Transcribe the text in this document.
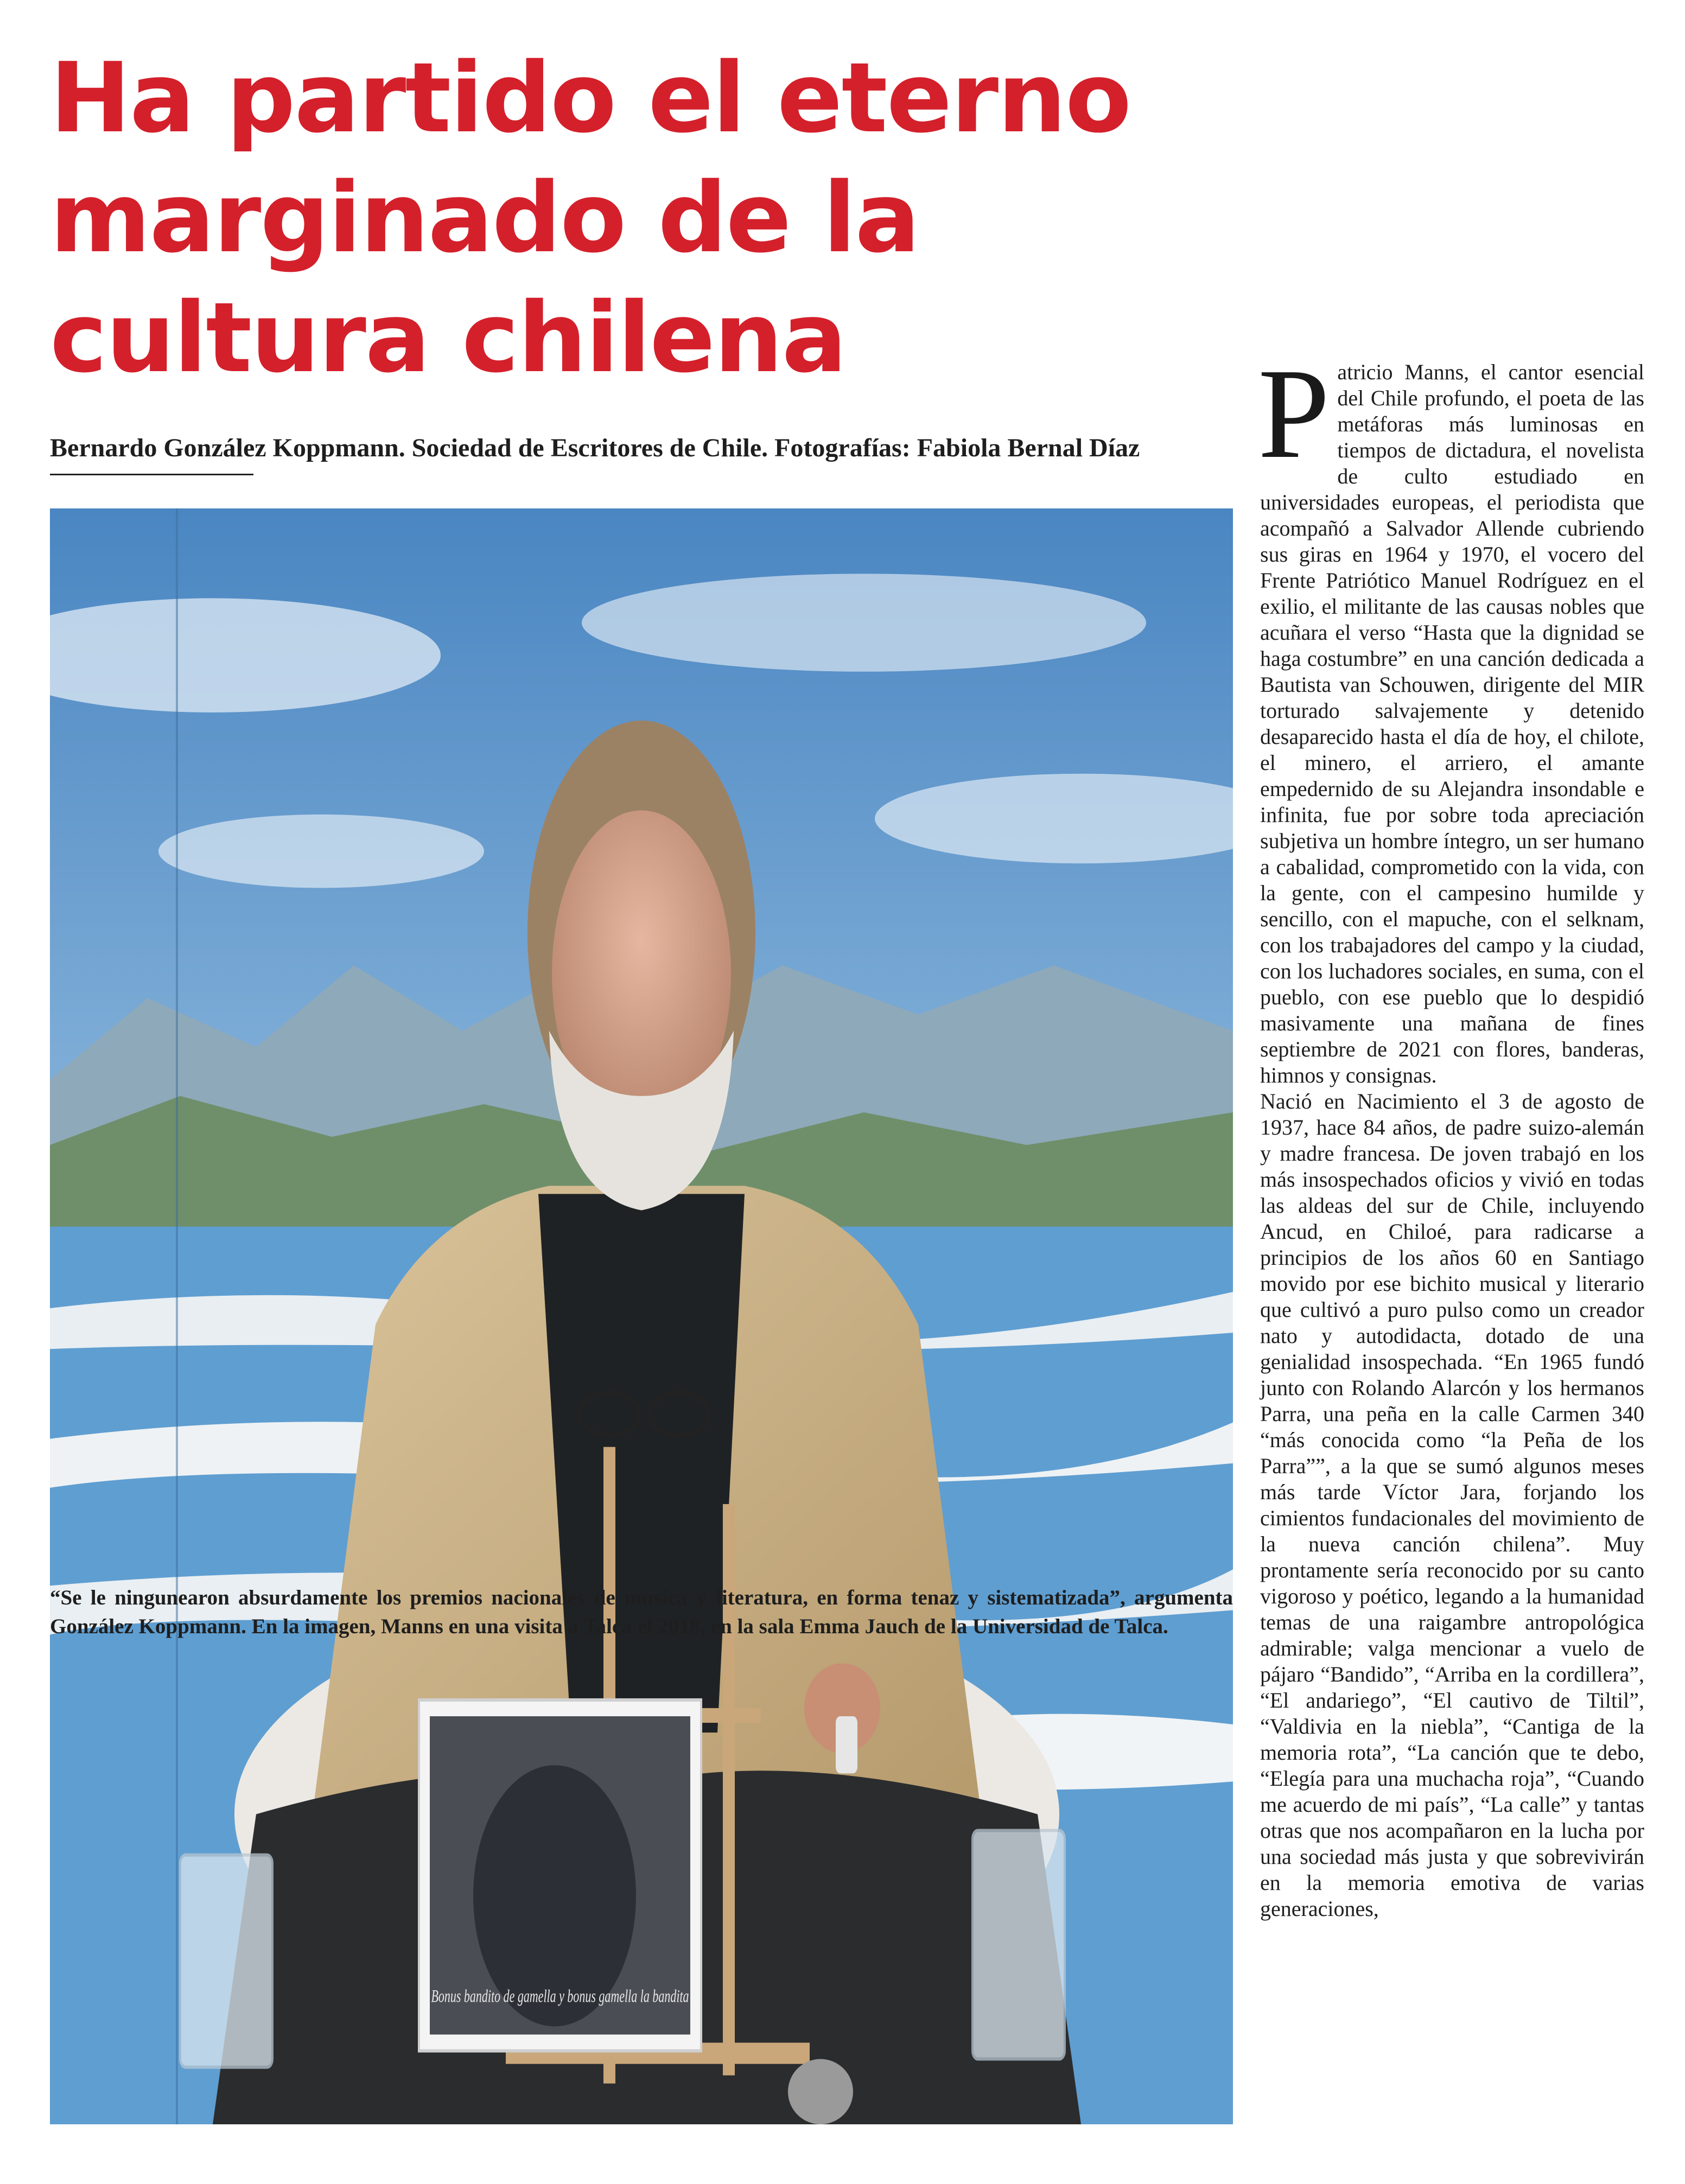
Ha partido el eterno marginado de la cultura chilena
Bernardo González Koppmann. Sociedad de Escritores de Chile. Fotografías: Fabiola Bernal Díaz
Bonus bandito de gamella y bonus gamella la bandita
“Se le ningunearon absurdamente los premios nacionales de música y literatura, en forma tenaz y sistematizada”, argumenta González Koppmann. En la imagen, Manns en una visita a Talca el 2018, en la sala Emma Jauch de la Universidad de Talca.

Patricio Manns, el cantor esencial del Chile profundo, el poeta de las metáforas más luminosas en tiempos de dictadura, el novelista de culto estudiado en universidades europeas, el periodista que acompañó a Salvador Allende cubriendo sus giras en 1964 y 1970, el vocero del Frente Patriótico Manuel Rodríguez en el exilio, el militante de las causas nobles que acuñara el verso “Hasta que la dignidad se haga costumbre” en una canción dedicada a Bautista van Schouwen, dirigente del MIR torturado salvajemente y detenido desaparecido hasta el día de hoy, el chilote, el minero, el arriero, el amante empedernido de su Alejandra insondable e infinita, fue por sobre toda apreciación subjetiva un hombre íntegro, un ser humano a cabalidad, comprometido con la vida, con la gente, con el campesino humilde y sencillo, con el mapuche, con el selknam, con los trabajadores del campo y la ciudad, con los luchadores sociales, en suma, con el pueblo, con ese pueblo que lo despidió masivamente una mañana de fines septiembre de 2021 con flores, banderas, himnos y consignas.

Nació en Nacimiento el 3 de agosto de 1937, hace 84 años, de padre suizo-alemán y madre francesa. De joven trabajó en los más insospechados oficios y vivió en todas las aldeas del sur de Chile, incluyendo Ancud, en Chiloé, para radicarse a principios de los años 60 en Santiago movido por ese bichito musical y literario que cultivó a puro pulso como un creador nato y autodidacta, dotado de una genialidad insospechada. “En 1965 fundó junto con Rolando Alarcón y los hermanos Parra, una peña en la calle Carmen 340 “más conocida como “la Peña de los Parra””, a la que se sumó algunos meses más tarde Víctor Jara, forjando los cimientos fundacionales del movimiento de la nueva canción chilena”. Muy prontamente sería reconocido por su canto vigoroso y poético, legando a la humanidad temas de una raigambre antropológica admirable; valga mencionar a vuelo de pájaro “Bandido”, “Arriba en la cordillera”, “El andariego”, “El cautivo de Tiltil”, “Valdivia en la niebla”, “Cantiga de la memoria rota”, “La canción que te debo, “Elegía para una muchacha roja”, “Cuando me acuerdo de mi país”, “La calle” y tantas otras que nos acompañaron en la lucha por una sociedad más justa y que sobrevivirán en la memoria emotiva de varias generaciones,
